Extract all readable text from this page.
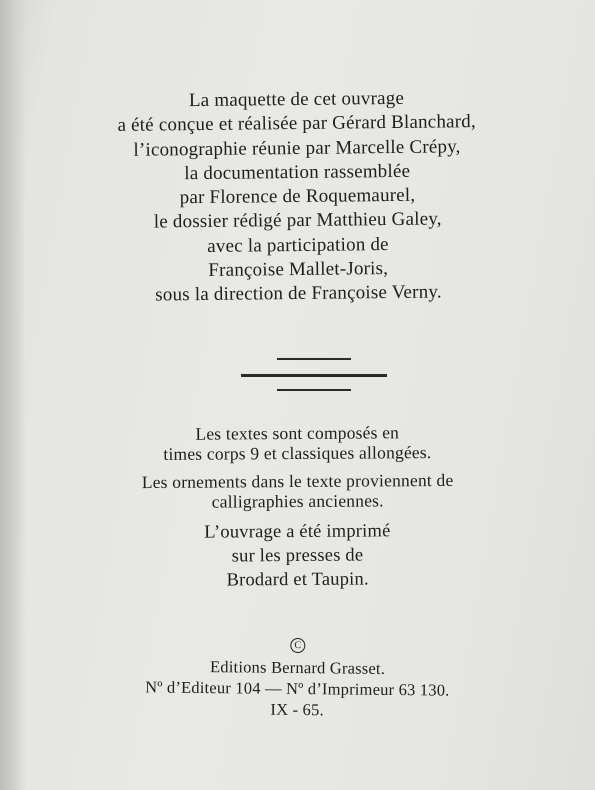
La maquette de cet ouvrage
a été conçue et réalisée par Gérard Blanchard,
l’iconographie réunie par Marcelle Crépy,
la documentation rassemblée
par Florence de Roquemaurel,
le dossier rédigé par Matthieu Galey,
avec la participation de
Françoise Mallet-Joris,
sous la direction de Françoise Verny.
Les textes sont composés en
times corps 9 et classiques allongées.
Les ornements dans le texte proviennent de
calligraphies anciennes.
L’ouvrage a été imprimé
sur les presses de
Brodard et Taupin.
C
Editions Bernard Grasset.
Nº d’Editeur 104 — Nº d’Imprimeur 63 130.
IX - 65.
